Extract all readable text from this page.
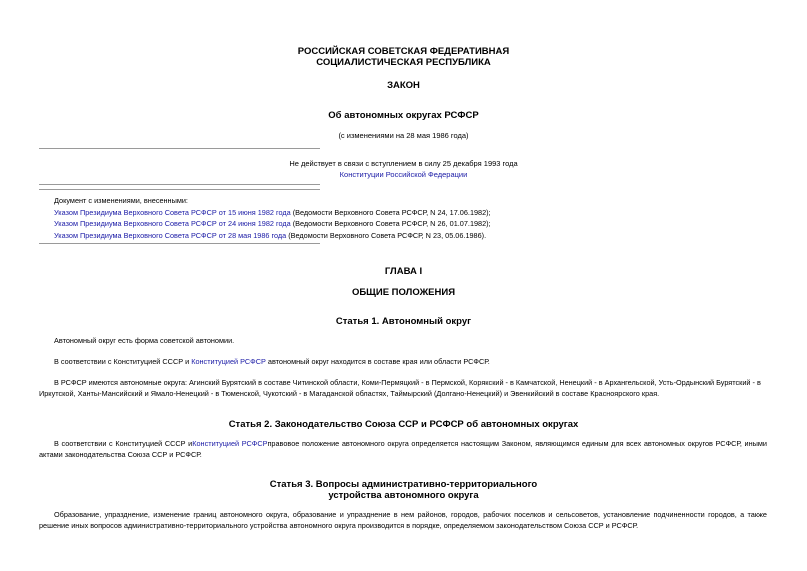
РОССИЙСКАЯ СОВЕТСКАЯ ФЕДЕРАТИВНАЯ

СОЦИАЛИСТИЧЕСКАЯ РЕСПУБЛИКА

ЗАКОН

Об автономных округах РСФСР

(с изменениями на 28 мая 1986 года)

Не действует в связи с вступлением в силу 25 декабря 1993 года

Конституции Российской Федерации

Документ с изменениями, внесенными:
Указом Президиума Верховного Совета РСФСР от 15 июня 1982 года (Ведомости Верховного Совета РСФСР, N 24, 17.06.1982);
Указом Президиума Верховного Совета РСФСР от 24 июня 1982 года (Ведомости Верховного Совета РСФСР, N 26, 01.07.1982);
Указом Президиума Верховного Совета РСФСР от 28 мая 1986 года (Ведомости Верховного Совета РСФСР, N 23, 05.06.1986).

ГЛАВА I

ОБЩИЕ ПОЛОЖЕНИЯ

Статья 1. Автономный округ

Автономный округ есть форма советской автономии.

В соответствии с Конституцией СССР и Конституцией РСФСР автономный округ находится в составе края или области РСФСР.

В РСФСР имеются автономные округа: Агинский Бурятский в составе Читинской области, Коми-Пермяцкий - в Пермской, Корякский - в Камчатской, Ненецкий - в Архангельской, Усть-Ордынский Бурятский - в

Иркутской, Ханты-Мансийский и Ямало-Ненецкий - в Тюменской, Чукотский - в Магаданской областях, Таймырский (Долгано-Ненецкий) и Эвенкийский в составе Красноярского края.

Статья 2. Законодательство Союза ССР и РСФСР об автономных округах

В соответствии с Конституцией СССР иКонституцией РСФСРправовое положение автономного округа определяется настоящим Законом, являющимся единым для всех автономных округов РСФСР, иными актами законодательства Союза ССР и РСФСР.

Статья 3. Вопросы административно-территориального

устройства автономного округа

Образование, упразднение, изменение границ автономного округа, образование и упразднение в нем районов, городов, рабочих поселков и сельсоветов, установление подчиненности городов, а также решение иных вопросов административно-территориального устройства автономного округа производится в порядке, определяемом законодательством Союза ССР и РСФСР.
